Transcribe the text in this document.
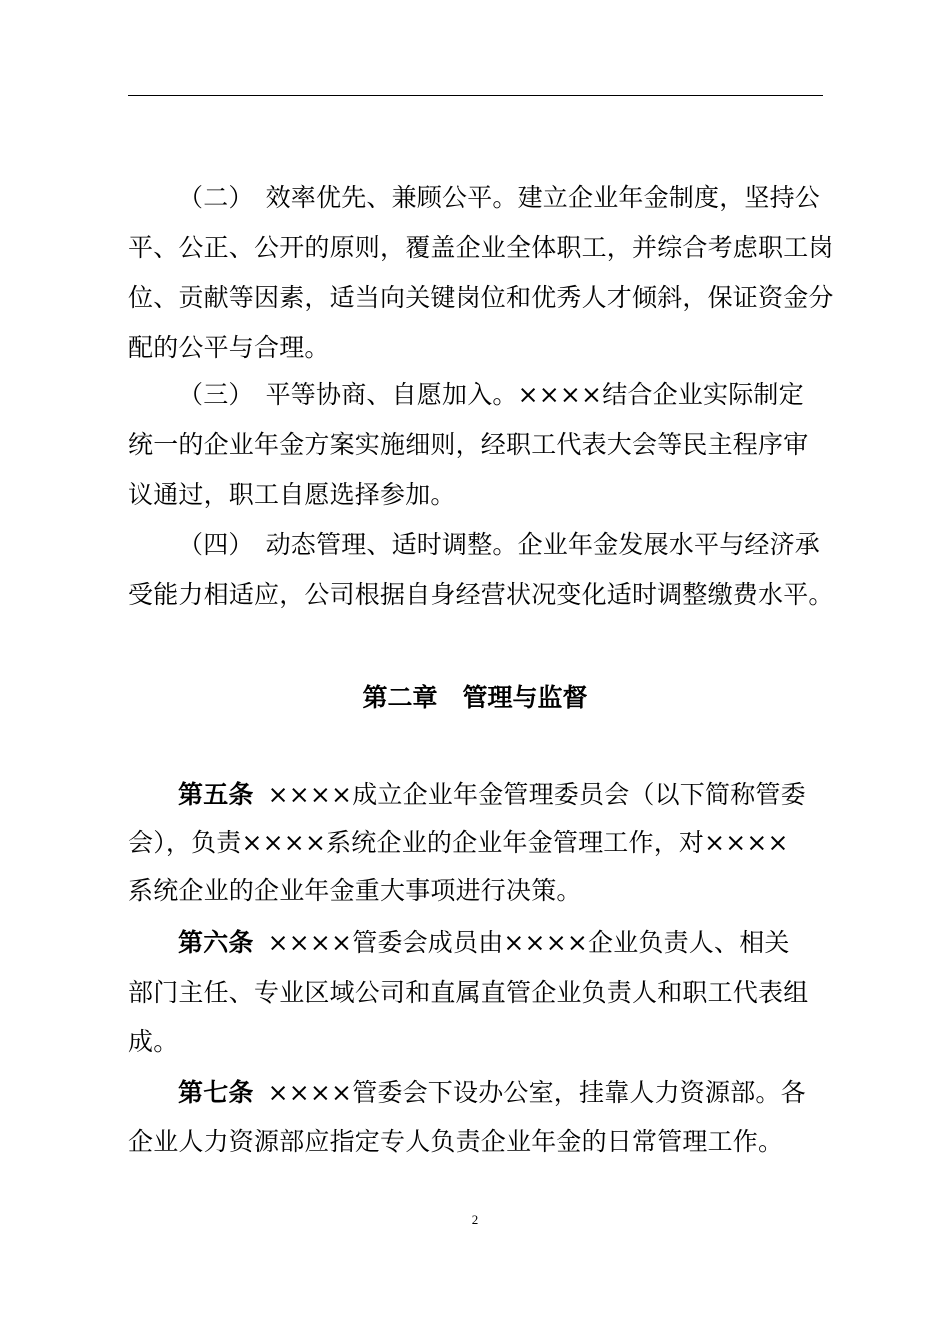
（二） 效率优先、兼顾公平。建立企业年金制度，坚持公
平、公正、公开的原则，覆盖企业全体职工，并综合考虑职工岗
位、贡献等因素，适当向关键岗位和优秀人才倾斜，保证资金分
配的公平与合理。
（三） 平等协商、自愿加入。××××结合企业实际制定
统一的企业年金方案实施细则，经职工代表大会等民主程序审
议通过，职工自愿选择参加。
（四） 动态管理、适时调整。企业年金发展水平与经济承
受能力相适应，公司根据自身经营状况变化适时调整缴费水平。
第二章　管理与监督
第五条 ××××成立企业年金管理委员会（以下简称管委
会），负责××××系统企业的企业年金管理工作，对××××
系统企业的企业年金重大事项进行决策。
第六条 ××××管委会成员由××××企业负责人、相关
部门主任、专业区域公司和直属直管企业负责人和职工代表组
成。
第七条 ××××管委会下设办公室，挂靠人力资源部。各
企业人力资源部应指定专人负责企业年金的日常管理工作。
2
